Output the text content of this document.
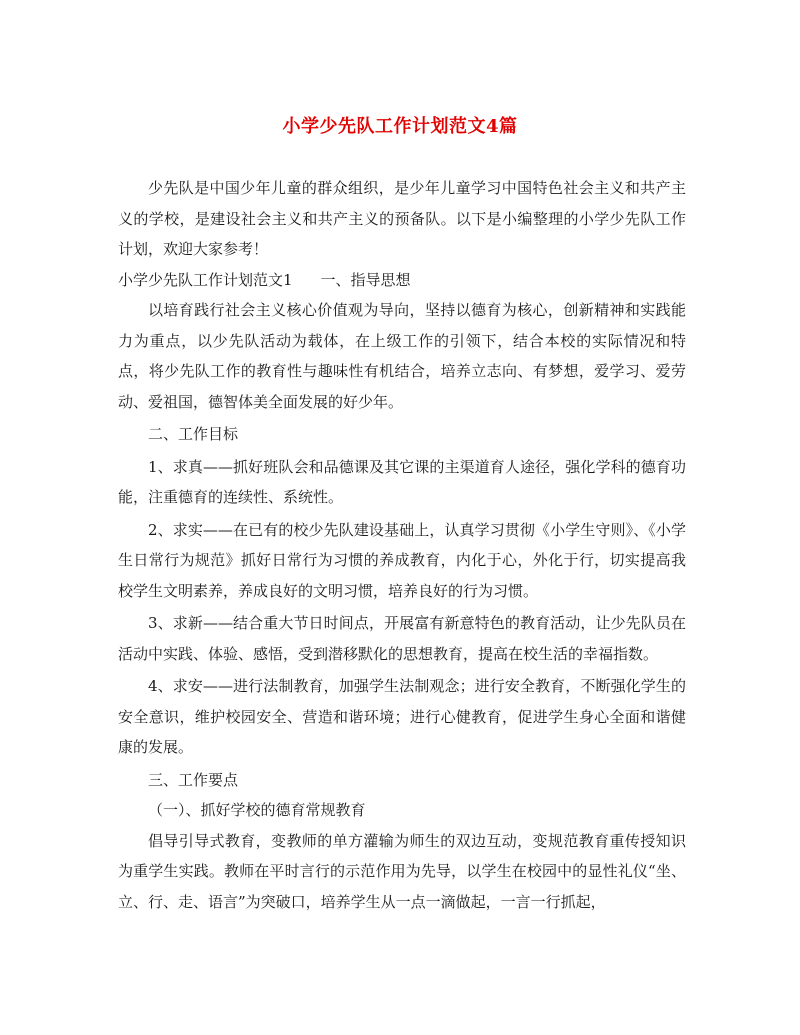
小学少先队工作计划范文4篇

少先队是中国少年儿童的群众组织，是少年儿童学习中国特色社会主义和共产主义的学校，是建设社会主义和共产主义的预备队。以下是小编整理的小学少先队工作计划，欢迎大家参考！

小学少先队工作计划范文1 一、指导思想

以培育践行社会主义核心价值观为导向，坚持以德育为核心，创新精神和实践能力为重点，以少先队活动为载体，在上级工作的引领下，结合本校的实际情况和特点，将少先队工作的教育性与趣味性有机结合，培养立志向、有梦想，爱学习、爱劳动、爱祖国，德智体美全面发展的好少年。

二、工作目标

1、求真——抓好班队会和品德课及其它课的主渠道育人途径，强化学科的德育功能，注重德育的连续性、系统性。

2、求实——在已有的校少先队建设基础上，认真学习贯彻《小学生守则》、《小学生日常行为规范》抓好日常行为习惯的养成教育，内化于心，外化于行，切实提高我校学生文明素养，养成良好的文明习惯，培养良好的行为习惯。

3、求新——结合重大节日时间点，开展富有新意特色的教育活动，让少先队员在活动中实践、体验、感悟，受到潜移默化的思想教育，提高在校生活的幸福指数。

4、求安——进行法制教育，加强学生法制观念；进行安全教育，不断强化学生的安全意识，维护校园安全、营造和谐环境；进行心健教育，促进学生身心全面和谐健康的发展。

三、工作要点

（一）、抓好学校的德育常规教育

倡导引导式教育，变教师的单方灌输为师生的双边互动，变规范教育重传授知识为重学生实践。教师在平时言行的示范作用为先导，以学生在校园中的显性礼仪“坐、立、行、走、语言”为突破口，培养学生从一点一滴做起，一言一行抓起，
